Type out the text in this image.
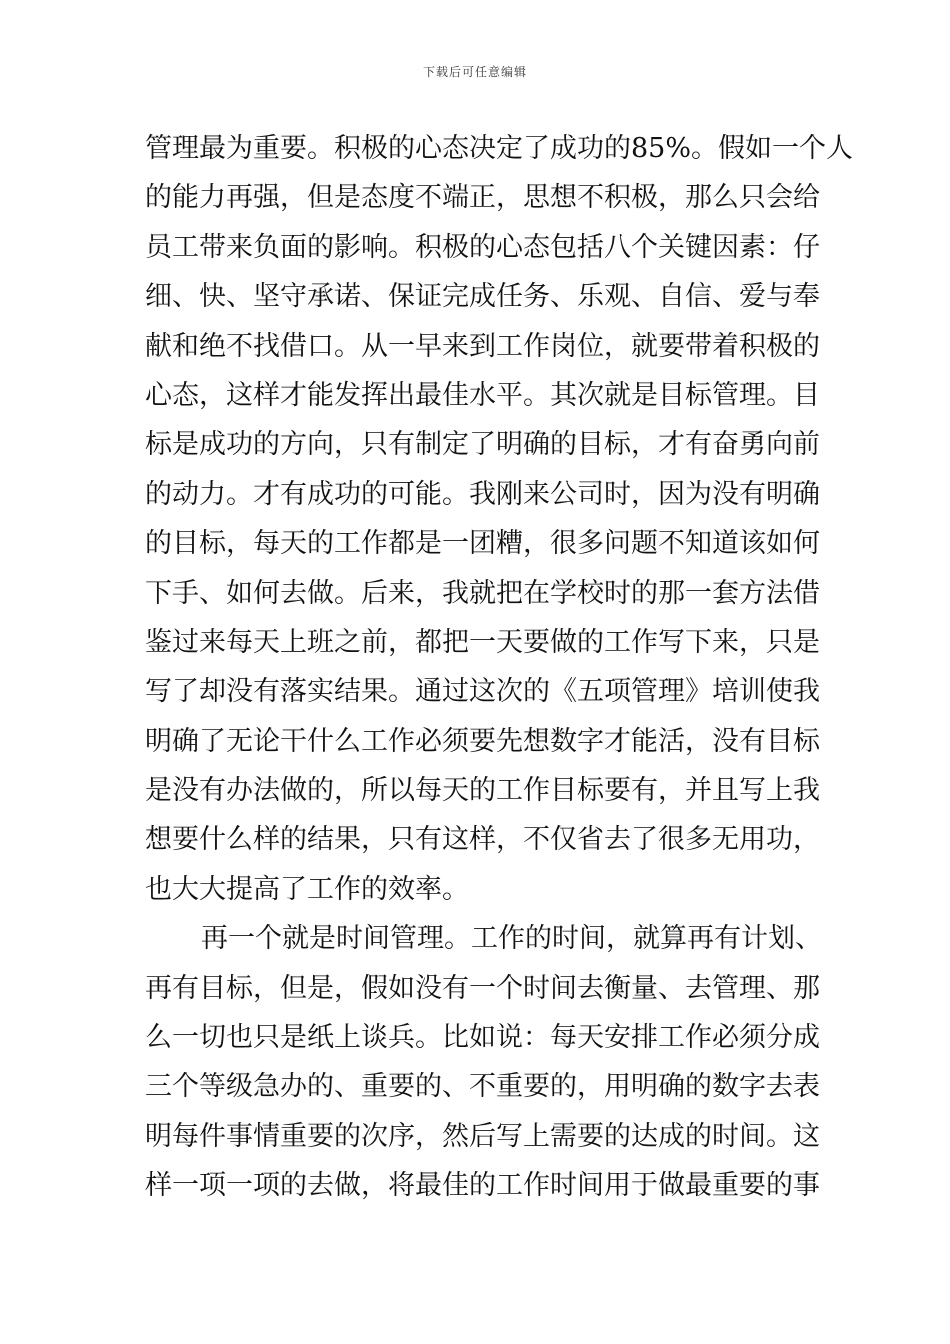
下载后可任意编辑
管理最为重要。积极的心态决定了成功的85%。假如一个人
的能力再强，但是态度不端正，思想不积极，那么只会给
员工带来负面的影响。积极的心态包括八个关键因素：仔
细、快、坚守承诺、保证完成任务、乐观、自信、爱与奉
献和绝不找借口。从一早来到工作岗位，就要带着积极的
心态，这样才能发挥出最佳水平。其次就是目标管理。目
标是成功的方向，只有制定了明确的目标，才有奋勇向前
的动力。才有成功的可能。我刚来公司时，因为没有明确
的目标，每天的工作都是一团糟，很多问题不知道该如何
下手、如何去做。后来，我就把在学校时的那一套方法借
鉴过来每天上班之前，都把一天要做的工作写下来，只是
写了却没有落实结果。通过这次的《五项管理》培训使我
明确了无论干什么工作必须要先想数字才能活，没有目标
是没有办法做的，所以每天的工作目标要有，并且写上我
想要什么样的结果，只有这样，不仅省去了很多无用功，
也大大提高了工作的效率。
再一个就是时间管理。工作的时间，就算再有计划、
再有目标，但是，假如没有一个时间去衡量、去管理、那
么一切也只是纸上谈兵。比如说：每天安排工作必须分成
三个等级急办的、重要的、不重要的，用明确的数字去表
明每件事情重要的次序，然后写上需要的达成的时间。这
样一项一项的去做，将最佳的工作时间用于做最重要的事
